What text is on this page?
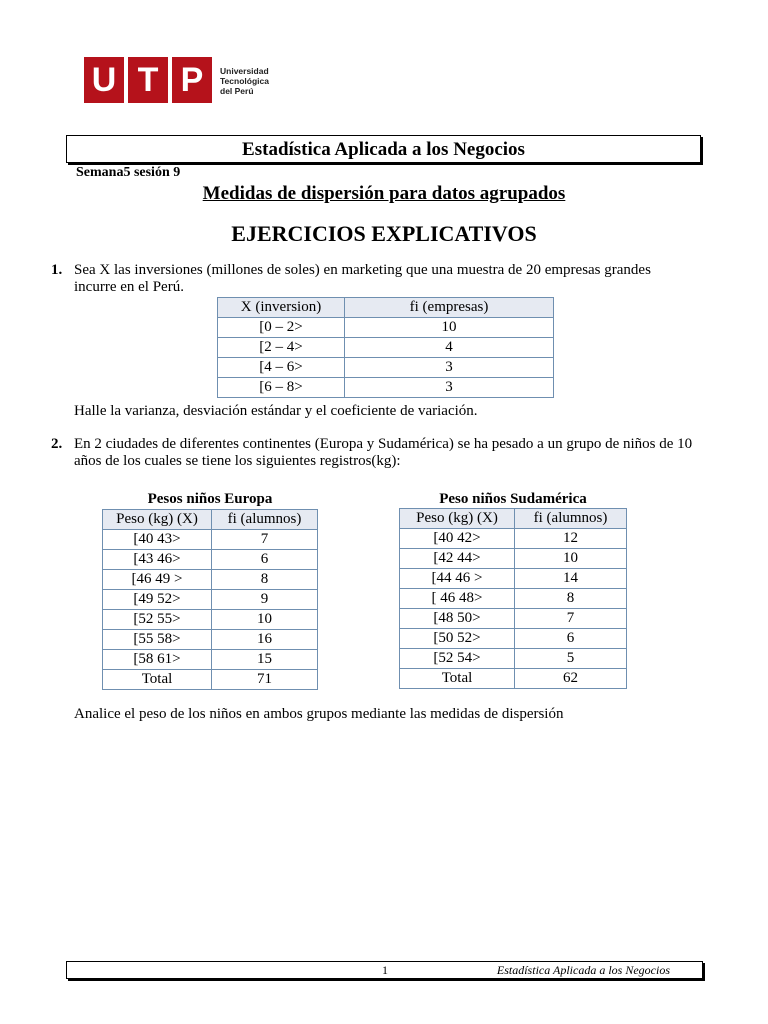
U T P	Universidad
Tecnológica
del Perú
Estadística Aplicada a los Negocios
Semana5 sesión 9
Medidas de dispersión para datos agrupados
EJERCICIOS EXPLICATIVOS
1. Sea X las inversiones (millones de soles) en marketing que una muestra de 20 empresas grandes incurre en el Perú.
X (inversion)	fi (empresas)
[0 – 2>	10
[2 – 4>	4
[4 – 6>	3
[6 – 8>	3
Halle la varianza, desviación estándar y el coeficiente de variación.
2. En 2 ciudades de diferentes continentes (Europa y Sudamérica) se ha pesado a un grupo de niños de 10 años de los cuales se tiene los siguientes registros(kg):
Pesos niños Europa
Peso (kg) (X)	fi (alumnos)
[40 43>	7
[43 46>	6
[46 49 >	8
[49 52>	9
[52 55>	10
[55 58>	16
[58 61>	15
Total	71
Peso niños Sudamérica
Peso (kg) (X)	fi (alumnos)
[40 42>	12
[42 44>	10
[44 46 >	14
[ 46 48>	8
[48 50>	7
[50 52>	6
[52 54>	5
Total	62
Analice el peso de los niños en ambos grupos mediante las medidas de dispersión
1	Estadística Aplicada a los Negocios
